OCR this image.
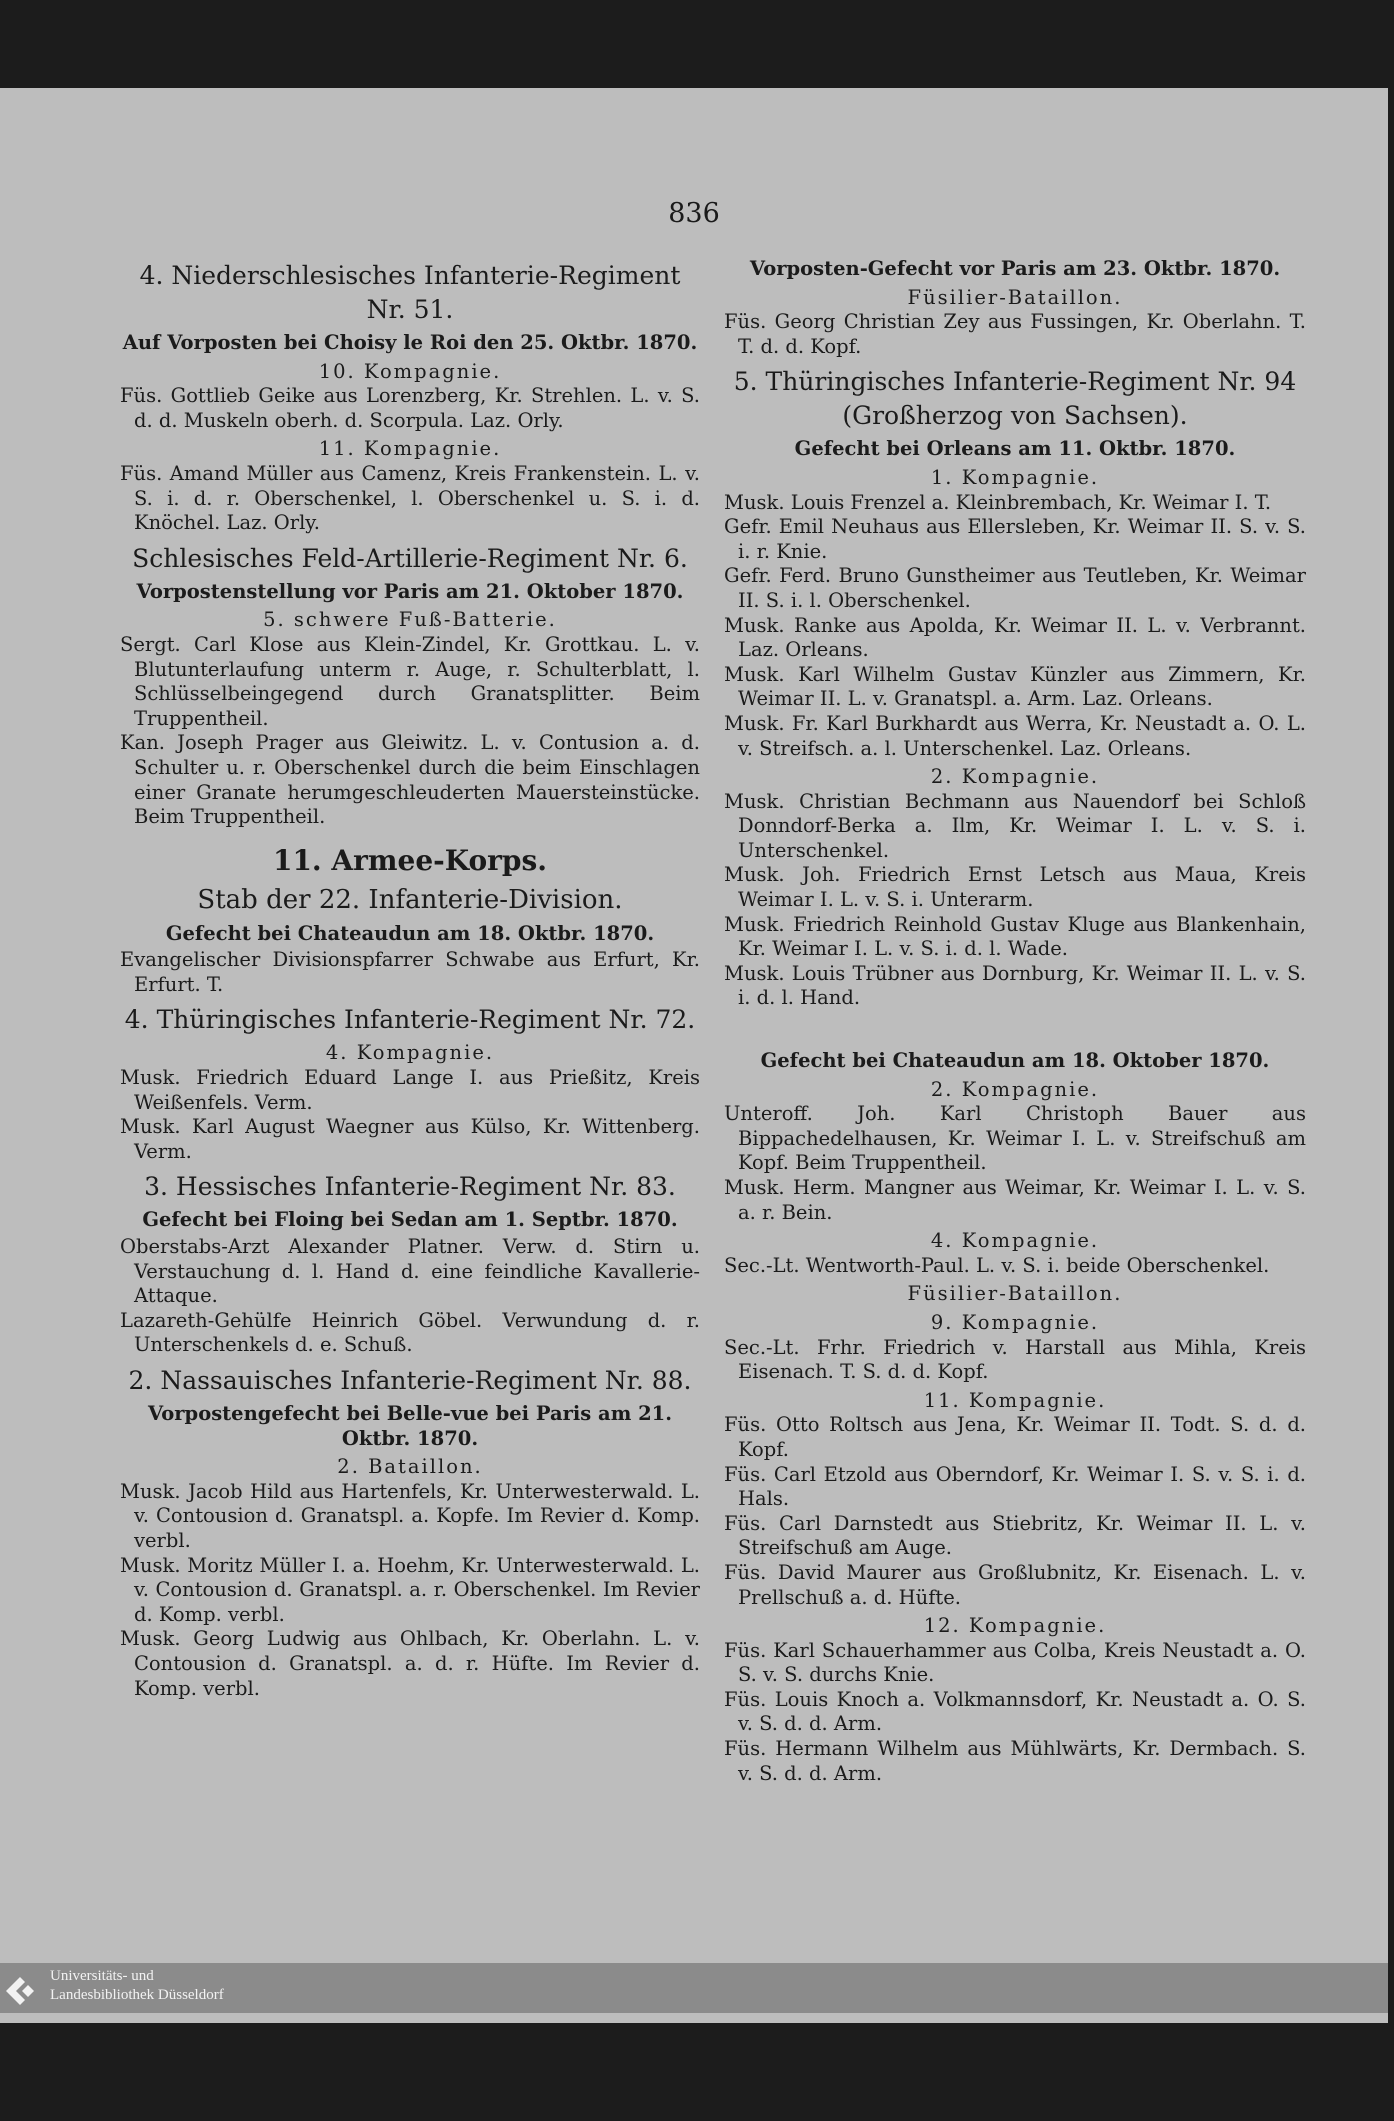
836
4. Niederschlesisches Infanterie-Regiment Nr. 51.
Auf Vorposten bei Choisy le Roi den 25. Oktbr. 1870.
10. Kompagnie.
Füs. Gottlieb Geike aus Lorenzberg, Kr. Strehlen. L. v. S. d. d. Muskeln oberh. d. Scorpula. Laz. Orly.
11. Kompagnie.
Füs. Amand Müller aus Camenz, Kreis Frankenstein. L. v. S. i. d. r. Oberschenkel, l. Oberschenkel u. S. i. d. Knöchel. Laz. Orly.
Schlesisches Feld-Artillerie-Regiment Nr. 6.
Vorpostenstellung vor Paris am 21. Oktober 1870.
5. schwere Fuß-Batterie.
Sergt. Carl Klose aus Klein-Zindel, Kr. Grottkau. L. v. Blutunterlaufung unterm r. Auge, r. Schulterblatt, l. Schlüsselbeingegend durch Granatsplitter. Beim Truppentheil.
Kan. Joseph Prager aus Gleiwitz. L. v. Contusion a. d. Schulter u. r. Oberschenkel durch die beim Einschlagen einer Granate herumgeschleuderten Mauersteinstücke. Beim Truppentheil.
11. Armee-Korps.
Stab der 22. Infanterie-Division.
Gefecht bei Chateaudun am 18. Oktbr. 1870.
Evangelischer Divisionspfarrer Schwabe aus Erfurt, Kr. Erfurt. T.
4. Thüringisches Infanterie-Regiment Nr. 72.
4. Kompagnie.
Musk. Friedrich Eduard Lange I. aus Prießitz, Kreis Weißenfels. Verm.
Musk. Karl August Waegner aus Külso, Kr. Wittenberg. Verm.
3. Hessisches Infanterie-Regiment Nr. 83.
Gefecht bei Floing bei Sedan am 1. Septbr. 1870.
Oberstabs-Arzt Alexander Platner. Verw. d. Stirn u. Verstauchung d. l. Hand d. eine feindliche Kavallerie-Attaque.
Lazareth-Gehülfe Heinrich Göbel. Verwundung d. r. Unterschenkels d. e. Schuß.
2. Nassauisches Infanterie-Regiment Nr. 88.
Vorpostengefecht bei Belle-vue bei Paris am 21. Oktbr. 1870.
2. Bataillon.
Musk. Jacob Hild aus Hartenfels, Kr. Unterwesterwald. L. v. Contousion d. Granatspl. a. Kopfe. Im Revier d. Komp. verbl.
Musk. Moritz Müller I. a. Hoehm, Kr. Unterwesterwald. L. v. Contousion d. Granatspl. a. r. Oberschenkel. Im Revier d. Komp. verbl.
Musk. Georg Ludwig aus Ohlbach, Kr. Oberlahn. L. v. Contousion d. Granatspl. a. d. r. Hüfte. Im Revier d. Komp. verbl.
Vorposten-Gefecht vor Paris am 23. Oktbr. 1870.
Füsilier-Bataillon.
Füs. Georg Christian Zey aus Fussingen, Kr. Oberlahn. T. T. d. d. Kopf.
5. Thüringisches Infanterie-Regiment Nr. 94 (Großherzog von Sachsen).
Gefecht bei Orleans am 11. Oktbr. 1870.
1. Kompagnie.
Musk. Louis Frenzel a. Kleinbrembach, Kr. Weimar I. T.
Gefr. Emil Neuhaus aus Ellersleben, Kr. Weimar II. S. v. S. i. r. Knie.
Gefr. Ferd. Bruno Gunstheimer aus Teutleben, Kr. Weimar II. S. i. l. Oberschenkel.
Musk. Ranke aus Apolda, Kr. Weimar II. L. v. Verbrannt. Laz. Orleans.
Musk. Karl Wilhelm Gustav Künzler aus Zimmern, Kr. Weimar II. L. v. Granatspl. a. Arm. Laz. Orleans.
Musk. Fr. Karl Burkhardt aus Werra, Kr. Neustadt a. O. L. v. Streifsch. a. l. Unterschenkel. Laz. Orleans.
2. Kompagnie.
Musk. Christian Bechmann aus Nauendorf bei Schloß Donndorf-Berka a. Ilm, Kr. Weimar I. L. v. S. i. Unterschenkel.
Musk. Joh. Friedrich Ernst Letsch aus Maua, Kreis Weimar I. L. v. S. i. Unterarm.
Musk. Friedrich Reinhold Gustav Kluge aus Blankenhain, Kr. Weimar I. L. v. S. i. d. l. Wade.
Musk. Louis Trübner aus Dornburg, Kr. Weimar II. L. v. S. i. d. l. Hand.
Gefecht bei Chateaudun am 18. Oktober 1870.
2. Kompagnie.
Unteroff. Joh. Karl Christoph Bauer aus Bippachedelhausen, Kr. Weimar I. L. v. Streifschuß am Kopf. Beim Truppentheil.
Musk. Herm. Mangner aus Weimar, Kr. Weimar I. L. v. S. a. r. Bein.
4. Kompagnie.
Sec.-Lt. Wentworth-Paul. L. v. S. i. beide Oberschenkel.
Füsilier-Bataillon.
9. Kompagnie.
Sec.-Lt. Frhr. Friedrich v. Harstall aus Mihla, Kreis Eisenach. T. S. d. d. Kopf.
11. Kompagnie.
Füs. Otto Roltsch aus Jena, Kr. Weimar II. Todt. S. d. d. Kopf.
Füs. Carl Etzold aus Oberndorf, Kr. Weimar I. S. v. S. i. d. Hals.
Füs. Carl Darnstedt aus Stiebritz, Kr. Weimar II. L. v. Streifschuß am Auge.
Füs. David Maurer aus Großlubnitz, Kr. Eisenach. L. v. Prellschuß a. d. Hüfte.
12. Kompagnie.
Füs. Karl Schauerhammer aus Colba, Kreis Neustadt a. O. S. v. S. durchs Knie.
Füs. Louis Knoch a. Volkmannsdorf, Kr. Neustadt a. O. S. v. S. d. d. Arm.
Füs. Hermann Wilhelm aus Mühlwärts, Kr. Dermbach. S. v. S. d. d. Arm.
Universitäts- und
Landesbibliothek Düsseldorf
